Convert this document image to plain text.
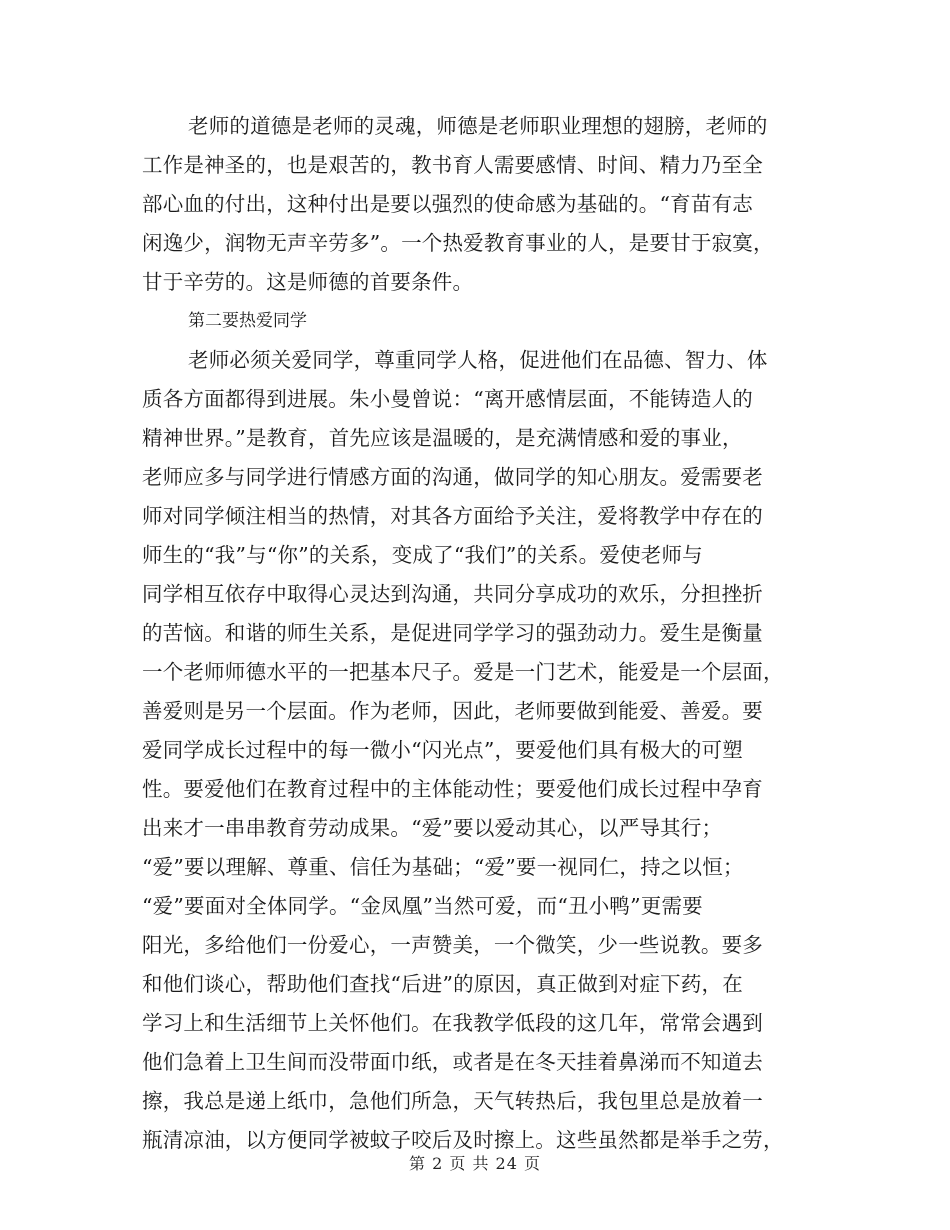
老师的道德是老师的灵魂，师德是老师职业理想的翅膀，老师的
工作是神圣的，也是艰苦的，教书育人需要感情、时间、精力乃至全
部心血的付出，这种付出是要以强烈的使命感为基础的。“育苗有志
闲逸少，润物无声辛劳多”。一个热爱教育事业的人，是要甘于寂寞，
甘于辛劳的。这是师德的首要条件。
第二要热爱同学
老师必须关爱同学，尊重同学人格，促进他们在品德、智力、体
质各方面都得到进展。朱小曼曾说：“离开感情层面，不能铸造人的
精神世界。”是教育，首先应该是温暖的，是充满情感和爱的事业，
老师应多与同学进行情感方面的沟通，做同学的知心朋友。爱需要老
师对同学倾注相当的热情，对其各方面给予关注，爱将教学中存在的
师生的“我”与“你”的关系，变成了“我们”的关系。爱使老师与
同学相互依存中取得心灵达到沟通，共同分享成功的欢乐，分担挫折
的苦恼。和谐的师生关系，是促进同学学习的强劲动力。爱生是衡量
一个老师师德水平的一把基本尺子。爱是一门艺术，能爱是一个层面，
善爱则是另一个层面。作为老师，因此，老师要做到能爱、善爱。要
爱同学成长过程中的每一微小“闪光点”，要爱他们具有极大的可塑
性。要爱他们在教育过程中的主体能动性；要爱他们成长过程中孕育
出来才一串串教育劳动成果。“爱”要以爱动其心，以严导其行；
“爱”要以理解、尊重、信任为基础；“爱”要一视同仁，持之以恒；
“爱”要面对全体同学。“金凤凰”当然可爱，而“丑小鸭”更需要
阳光，多给他们一份爱心，一声赞美，一个微笑，少一些说教。要多
和他们谈心，帮助他们查找“后进”的原因，真正做到对症下药，在
学习上和生活细节上关怀他们。在我教学低段的这几年，常常会遇到
他们急着上卫生间而没带面巾纸，或者是在冬天挂着鼻涕而不知道去
擦，我总是递上纸巾，急他们所急，天气转热后，我包里总是放着一
瓶清凉油，以方便同学被蚊子咬后及时擦上。这些虽然都是举手之劳，
第 2 页 共 24 页
